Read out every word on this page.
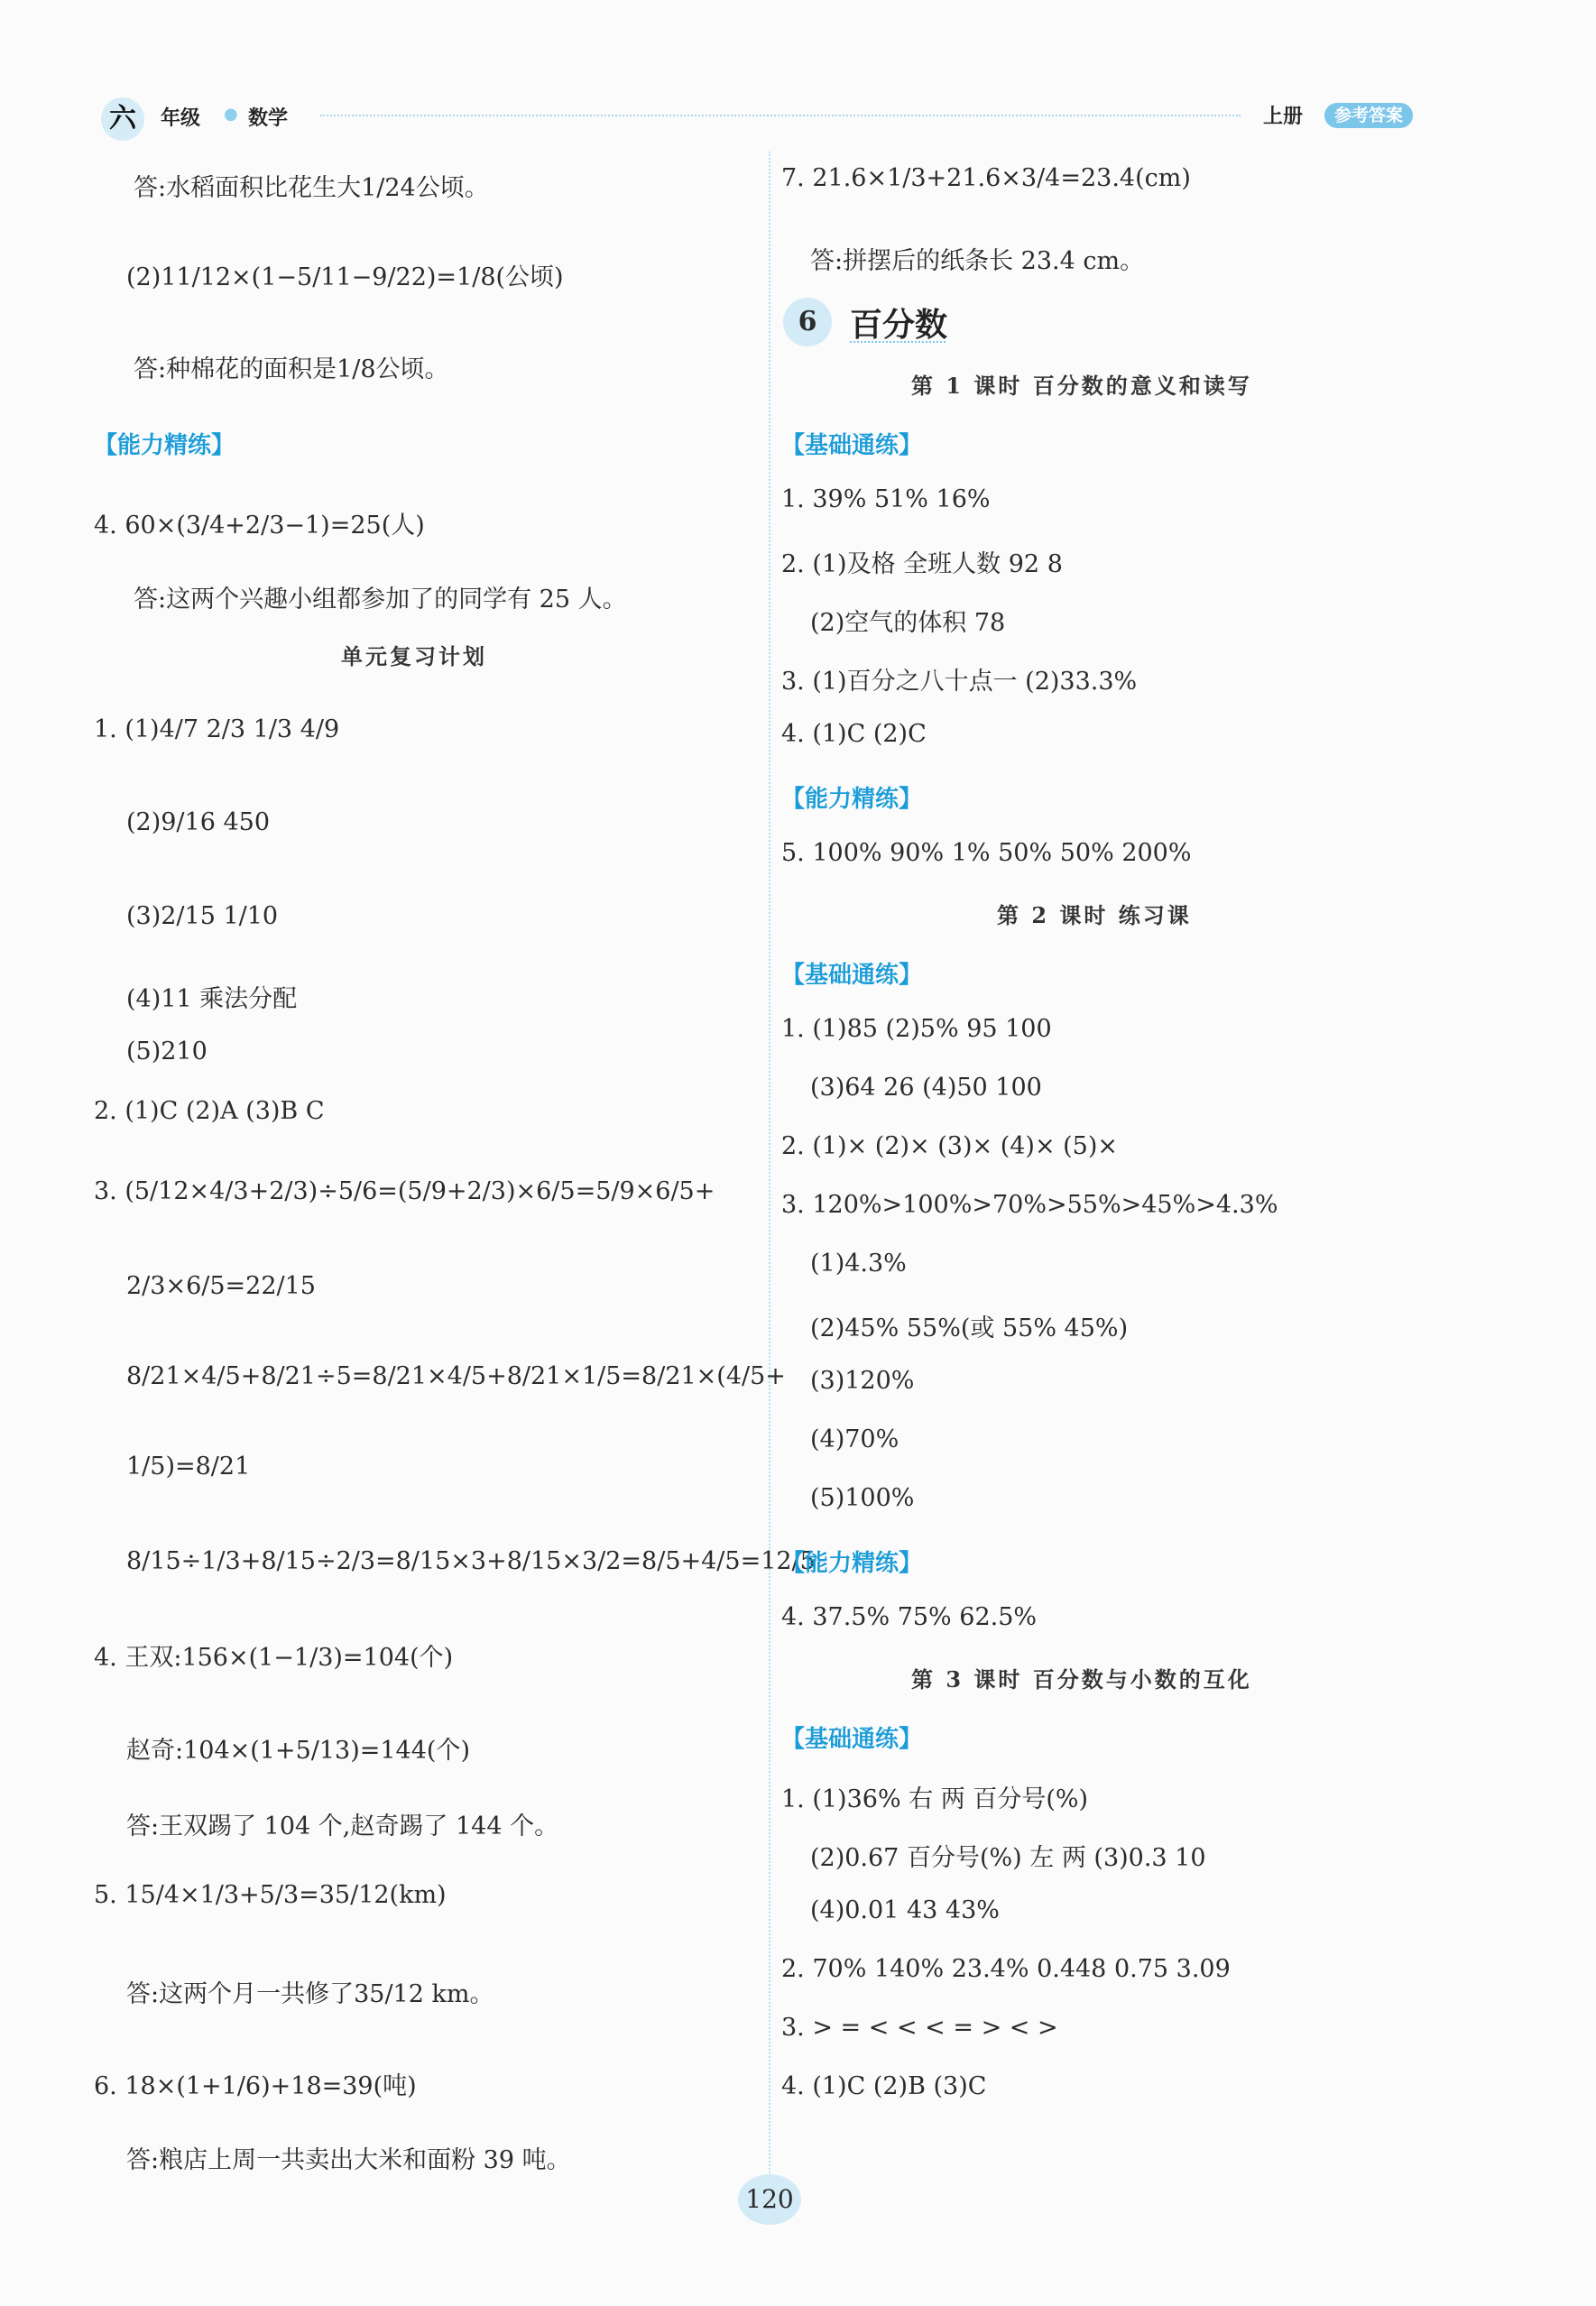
六	年级 ● 数学	上册	参考答案
答:水稻面积比花生大1/24公顷。
(2)11/12×(1−5/11−9/22)=1/8(公顷)
答:种棉花的面积是1/8公顷。
【能力精练】
4. 60×(3/4+2/3−1)=25(人)
答:这两个兴趣小组都参加了的同学有 25 人。
单元复习计划
1. (1)4/7 2/3 1/3 4/9
(2)9/16 450
(3)2/15 1/10
(4)11 乘法分配
(5)210
2. (1)C (2)A (3)B C
3. (5/12×4/3+2/3)÷5/6=(5/9+2/3)×6/5=5/9×6/5+
2/3×6/5=22/15
8/21×4/5+8/21÷5=8/21×4/5+8/21×1/5=8/21×(4/5+
1/5)=8/21
8/15÷1/3+8/15÷2/3=8/15×3+8/15×3/2=8/5+4/5=12/5
4. 王双:156×(1−1/3)=104(个)
赵奇:104×(1+5/13)=144(个)
答:王双踢了 104 个,赵奇踢了 144 个。
5. 15/4×1/3+5/3=35/12(km)
答:这两个月一共修了35/12 km。
6. 18×(1+1/6)+18=39(吨)
答:粮店上周一共卖出大米和面粉 39 吨。
7. 21.6×1/3+21.6×3/4=23.4(cm)
答:拼摆后的纸条长 23.4 cm。
6	百分数
第 1 课时 百分数的意义和读写
【基础通练】
1. 39% 51% 16%
2. (1)及格 全班人数 92 8
(2)空气的体积 78
3. (1)百分之八十点一 (2)33.3%
4. (1)C (2)C
【能力精练】
5. 100% 90% 1% 50% 50% 200%
第 2 课时 练习课
【基础通练】
1. (1)85 (2)5% 95 100
(3)64 26 (4)50 100
2. (1)× (2)× (3)× (4)× (5)×
3. 120%>100%>70%>55%>45%>4.3%
(1)4.3%
(2)45% 55%(或 55% 45%)
(3)120%
(4)70%
(5)100%
【能力精练】
4. 37.5% 75% 62.5%
第 3 课时 百分数与小数的互化
【基础通练】
1. (1)36% 右 两 百分号(%)
(2)0.67 百分号(%) 左 两 (3)0.3 10
(4)0.01 43 43%
2. 70% 140% 23.4% 0.448 0.75 3.09
3. > = < < < = > < >
4. (1)C (2)B (3)C
120
